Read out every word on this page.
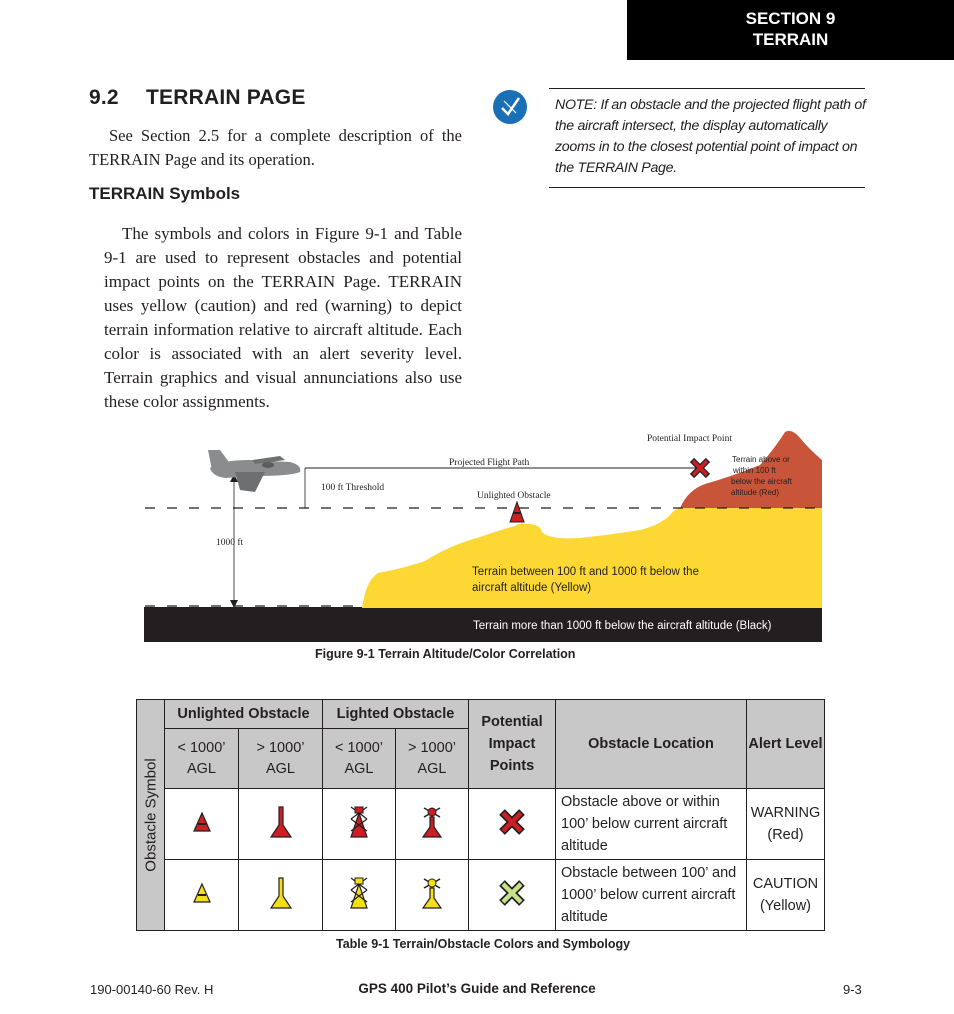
SECTION 9
TERRAIN
9.2 TERRAIN PAGE
See Section 2.5 for a complete description of the TERRAIN Page and its operation.
TERRAIN Symbols
The symbols and colors in Figure 9-1 and Table 9-1 are used to represent obstacles and potential impact points on the TERRAIN Page. TERRAIN uses yellow (caution) and red (warning) to depict terrain information relative to aircraft altitude. Each color is associated with an alert severity level. Terrain graphics and visual annunciations also use these color assignments.
NOTE: If an obstacle and the projected flight path of the aircraft intersect, the display automatically zooms in to the closest potential point of impact on the TERRAIN Page.
Potential Impact Point
Projected Flight Path
100 ft Threshold
Unlighted Obstacle
1000 ft
Terrain above or
within 100 ft
below the aircraft
altitude (Red)
Terrain between 100 ft and 1000 ft below the
aircraft altitude (Yellow)
Terrain more than 1000 ft below the aircraft altitude (Black)
Figure 9-1 Terrain Altitude/Color Correlation
Obstacle Symbol	Unlighted Obstacle		Lighted Obstacle		Potential Impact Points	Obstacle Location	Alert Level
	< 1000’
AGL	> 1000’
AGL	< 1000’
AGL	> 1000’
AGL			
					Obstacle above or within 100’ below current aircraft altitude	WARNING
(Red)
					Obstacle between 100’ and 1000’ below current aircraft altitude	CAUTION
(Yellow)
Table 9-1 Terrain/Obstacle Colors and Symbology
190-00140-60 Rev. H	GPS 400 Pilot’s Guide and Reference	9-3
